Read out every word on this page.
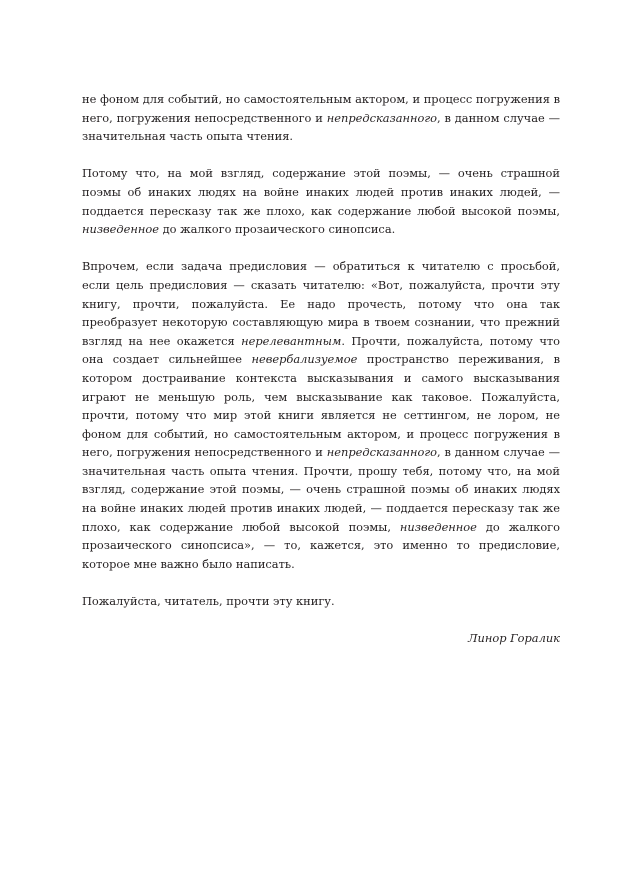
не фоном для событий, но самостоятельным актором, и процесс погружения в него, погружения непосредственного и непредсказанного, в данном случае — значительная часть опыта чтения.

Потому что, на мой взгляд, содержание этой поэмы, — очень страшной поэмы об инаких людях на войне инаких людей против инаких людей, — поддается пересказу так же плохо, как содержание любой высокой поэмы, низведенное до жалкого прозаического синопсиса.

Впрочем, если задача предисловия — обратиться к читателю с просьбой, если цель предисловия — сказать читателю: «Вот, пожалуйста, прочти эту книгу, прочти, пожалуйста. Ее надо прочесть, потому что она так преобразует некоторую составляющую мира в твоем сознании, что прежний взгляд на нее окажется нерелевантным. Прочти, пожалуйста, потому что она создает сильнейшее невербализуемое пространство переживания, в котором достраивание контекста высказывания и самого высказывания играют не меньшую роль, чем высказывание как таковое. Пожалуйста, прочти, потому что мир этой книги является не сеттингом, не лором, не фоном для событий, но самостоятельным актором, и процесс погружения в него, погружения непосредственного и непредсказанного, в данном случае — значительная часть опыта чтения. Прочти, прошу тебя, потому что, на мой взгляд, содержание этой поэмы, — очень страшной поэмы об инаких людях на войне инаких людей против инаких людей, — поддается пересказу так же плохо, как содержание любой высокой поэмы, низведенное до жалкого прозаического синопсиса», — то, кажется, это именно то предисловие, которое мне важно было написать.

Пожалуйста, читатель, прочти эту книгу.

Линор Горалик
